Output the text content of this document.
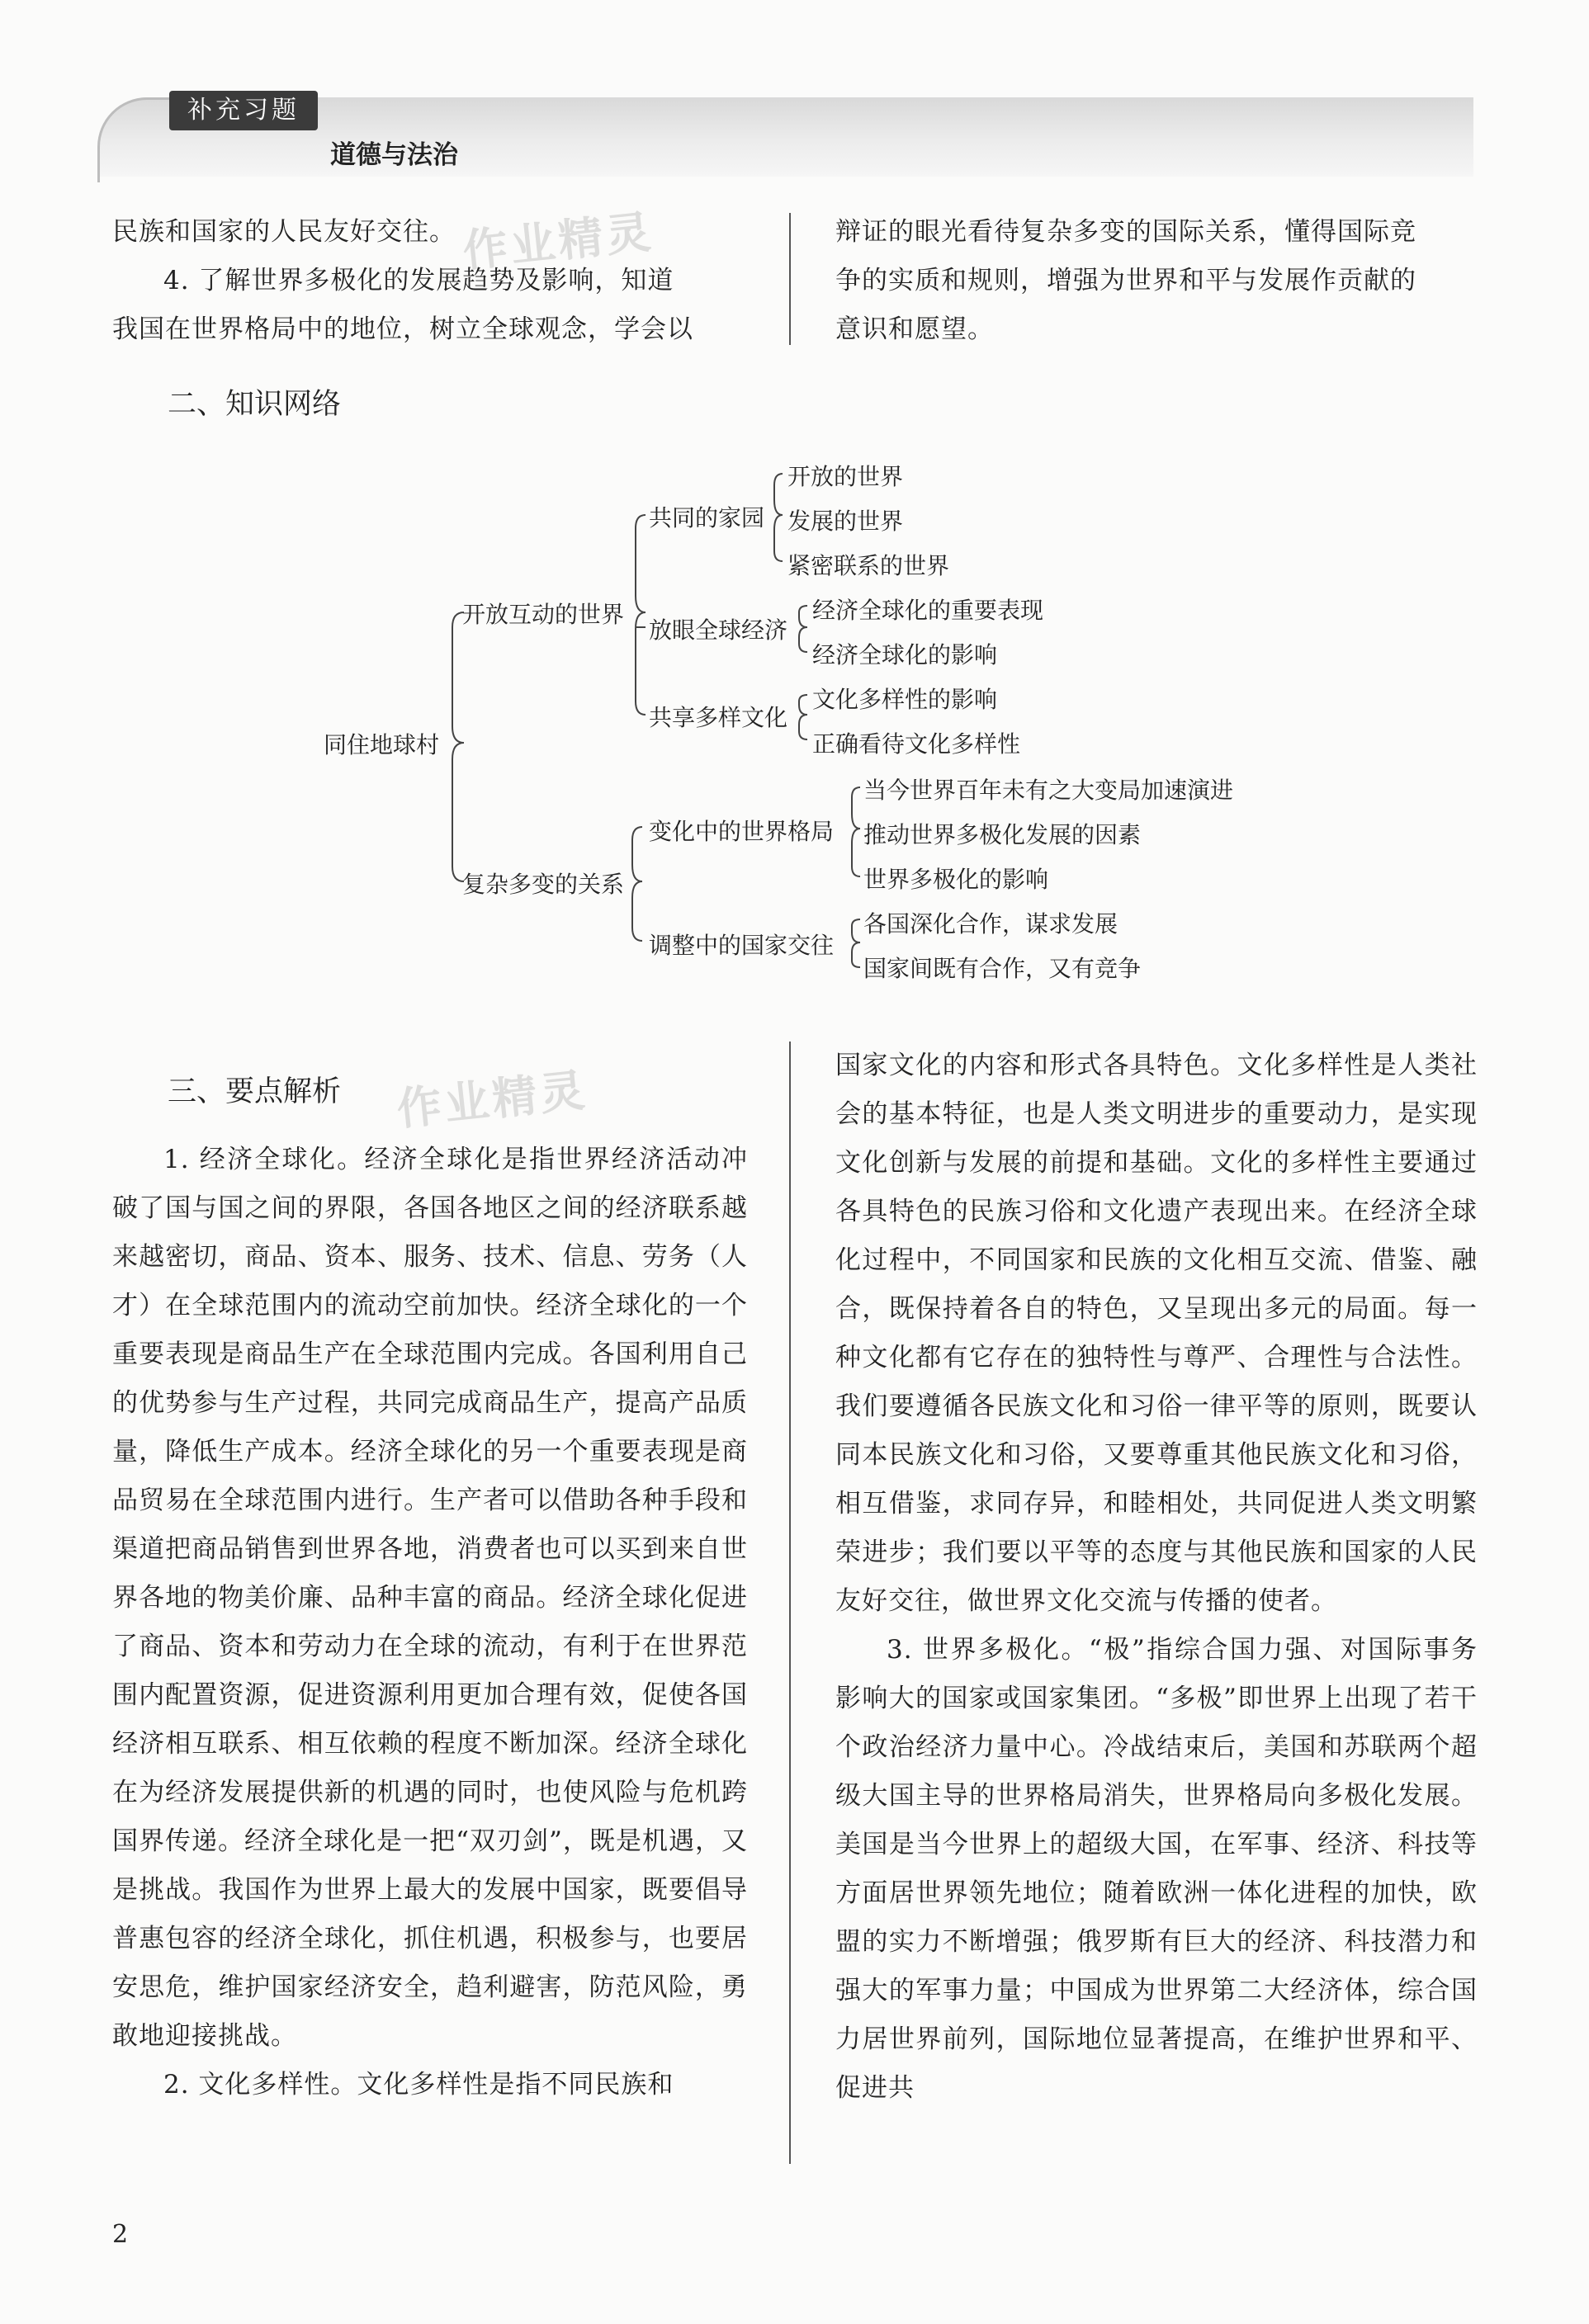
补充习题
道德与法治

民族和国家的人民友好交往。

4. 了解世界多极化的发展趋势及影响，知道

我国在世界格局中的地位，树立全球观念，学会以

辩证的眼光看待复杂多变的国际关系，懂得国际竞

争的实质和规则，增强为世界和平与发展作贡献的

意识和愿望。

作业精灵
二、知识网络
同住地球村
开放互动的世界
共同的家园
开放的世界
发展的世界
紧密联系的世界
放眼全球经济
经济全球化的重要表现
经济全球化的影响
共享多样文化
文化多样性的影响
正确看待文化多样性
复杂多变的关系
变化中的世界格局
当今世界百年未有之大变局加速演进
推动世界多极化发展的因素
世界多极化的影响
调整中的国家交往
各国深化合作，谋求发展
国家间既有合作，又有竞争
三、要点解析 作业精灵

1. 经济全球化。经济全球化是指世界经济活动冲破了国与国之间的界限，各国各地区之间的经济联系越来越密切，商品、资本、服务、技术、信息、劳务（人才）在全球范围内的流动空前加快。经济全球化的一个重要表现是商品生产在全球范围内完成。各国利用自己的优势参与生产过程，共同完成商品生产，提高产品质量，降低生产成本。经济全球化的另一个重要表现是商品贸易在全球范围内进行。生产者可以借助各种手段和渠道把商品销售到世界各地，消费者也可以买到来自世界各地的物美价廉、品种丰富的商品。经济全球化促进了商品、资本和劳动力在全球的流动，有利于在世界范围内配置资源，促进资源利用更加合理有效，促使各国经济相互联系、相互依赖的程度不断加深。经济全球化在为经济发展提供新的机遇的同时，也使风险与危机跨国界传递。经济全球化是一把“双刃剑”，既是机遇，又是挑战。我国作为世界上最大的发展中国家，既要倡导普惠包容的经济全球化，抓住机遇，积极参与，也要居安思危，维护国家经济安全，趋利避害，防范风险，勇敢地迎接挑战。

2. 文化多样性。文化多样性是指不同民族和

国家文化的内容和形式各具特色。文化多样性是人类社会的基本特征，也是人类文明进步的重要动力，是实现文化创新与发展的前提和基础。文化的多样性主要通过各具特色的民族习俗和文化遗产表现出来。在经济全球化过程中，不同国家和民族的文化相互交流、借鉴、融合，既保持着各自的特色，又呈现出多元的局面。每一种文化都有它存在的独特性与尊严、合理性与合法性。我们要遵循各民族文化和习俗一律平等的原则，既要认同本民族文化和习俗，又要尊重其他民族文化和习俗，相互借鉴，求同存异，和睦相处，共同促进人类文明繁荣进步；我们要以平等的态度与其他民族和国家的人民友好交往，做世界文化交流与传播的使者。

3. 世界多极化。“极”指综合国力强、对国际事务影响大的国家或国家集团。“多极”即世界上出现了若干个政治经济力量中心。冷战结束后，美国和苏联两个超级大国主导的世界格局消失，世界格局向多极化发展。美国是当今世界上的超级大国，在军事、经济、科技等方面居世界领先地位；随着欧洲一体化进程的加快，欧盟的实力不断增强；俄罗斯有巨大的经济、科技潜力和强大的军事力量；中国成为世界第二大经济体，综合国力居世界前列，国际地位显著提高，在维护世界和平、促进共

2
